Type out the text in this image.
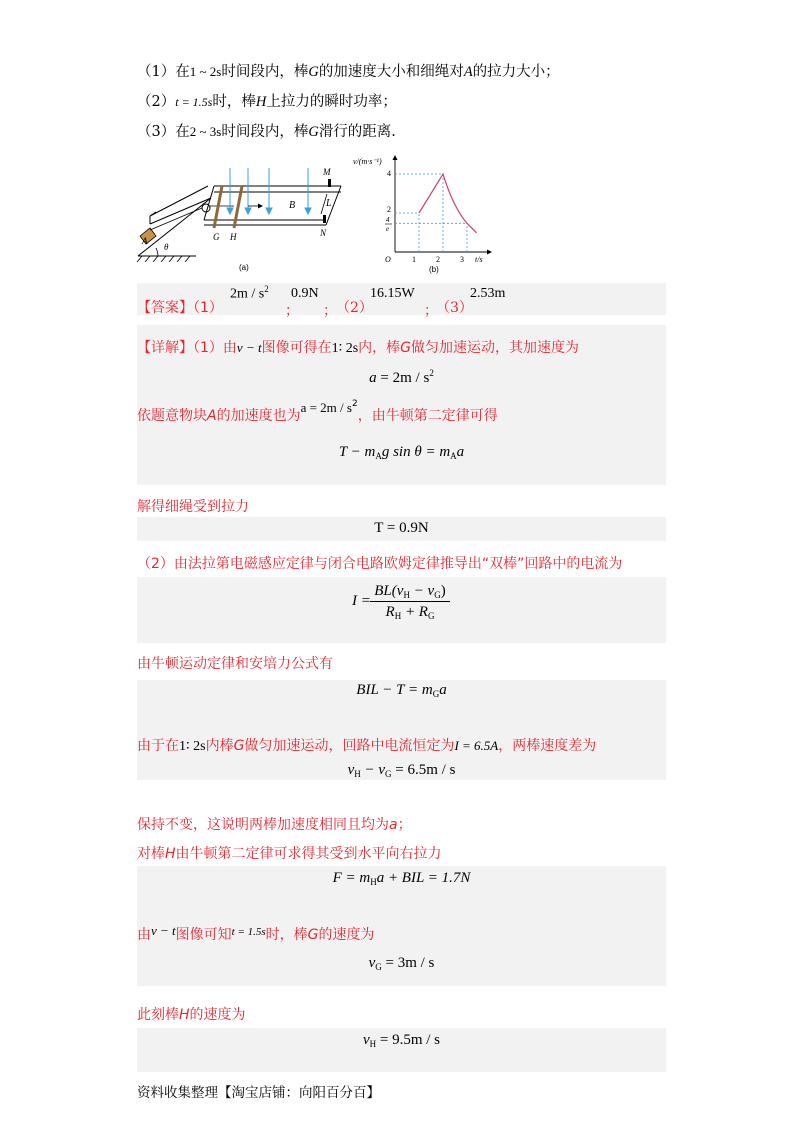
（1）在1 ~ 2s时间段内，棒G的加速度大小和细绳对A的拉力大小；
（2）t = 1.5s时，棒H上拉力的瞬时功率；
（3）在2 ~ 3s时间段内，棒G滑行的距离.
θ
A
M
B	L
N
G H
(a)
v/(m·s⁻¹)
t/s
O
4
2
4
e
1	2	3
(b)
【答案】（1）
$2m / s^2$
；
0.9N
； （2）
16.15W
；
（3）
2.53m
【详解】（1）由v − t图像可得在1∶ 2s内，棒G做匀加速运动，其加速度为
$a = 2m / s^2$
依题意物块A的加速度也为$a = 2m / s^2$，由牛顿第二定律可得
$T - m_Ag$ $\sin \theta = m_Aa$
解得细绳受到拉力
T = 0.9N
（2）由法拉第电磁感应定律与闭合电路欧姆定律推导出“双棒”回路中的电流为
I =
$BL(v_H - v_G)$
$R_H + R_G$
由牛顿运动定律和安培力公式有
BIL − $T = m_Ga$
由于在1∶ 2s内棒G做匀加速运动，回路中电流恒定为I = 6.5A，两棒速度差为
$v_H - v_G = 6.5m / s$
保持不变，这说明两棒加速度相同且均为a；
对棒H由牛顿第二定律可求得其受到水平向右拉力
$F = m_Ha$ + BIL = 1.7N
由v − t图像可知$^{t = 1.5s}$时，棒G的速度为
$v_G = 3m / s$
此刻棒H的速度为
$v_H = 9.5m / s$
资料收集整理【淘宝店铺：向阳百分百】
